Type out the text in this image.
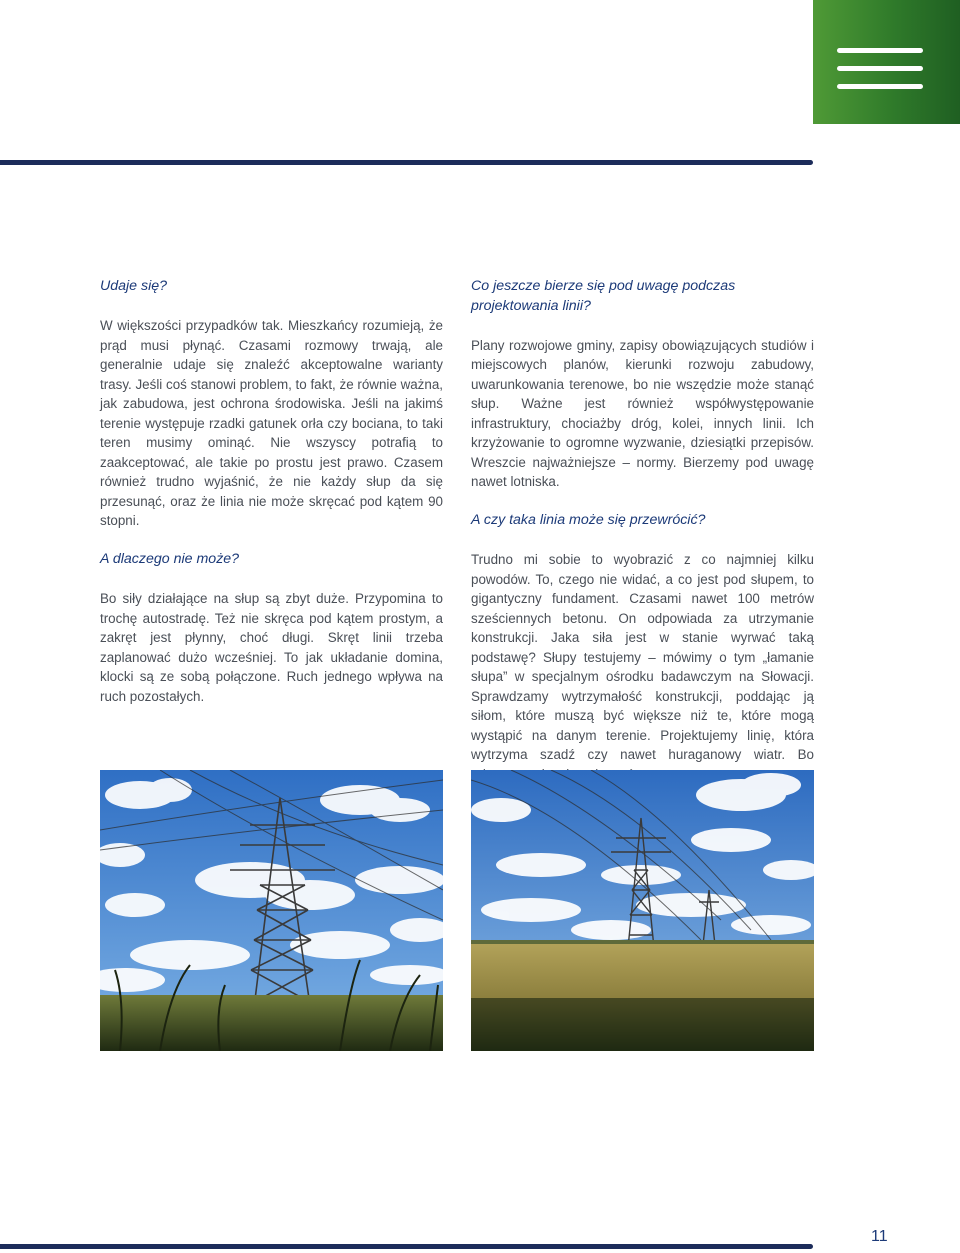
Udaje się?
W większości przypadków tak. Mieszkańcy rozumieją, że prąd musi płynąć. Czasami rozmowy trwają, ale generalnie udaje się znaleźć akceptowalne warianty trasy. Jeśli coś stanowi problem, to fakt, że równie ważna, jak zabudowa, jest ochrona środowiska. Jeśli na jakimś terenie występuje rzadki gatunek orła czy bociana, to taki teren musimy ominąć. Nie wszyscy potrafią to zaakceptować, ale takie po prostu jest prawo. Czasem również trudno wyjaśnić, że nie każdy słup da się przesunąć, oraz że linia nie może skręcać pod kątem 90 stopni.
A dlaczego nie może?
Bo siły działające na słup są zbyt duże. Przypomina to trochę autostradę. Też nie skręca pod kątem prostym, a zakręt jest płynny, choć długi. Skręt linii trzeba zaplanować dużo wcześniej. To jak układanie domina, klocki są ze sobą połączone. Ruch jednego wpływa na ruch pozostałych.
Co jeszcze bierze się pod uwagę podczas projektowania linii?
Plany rozwojowe gminy, zapisy obowiązujących studiów i miejscowych planów, kierunki rozwoju zabudowy, uwarunkowania terenowe, bo nie wszędzie może stanąć słup. Ważne jest również współwystępowanie infrastruktury, chociażby dróg, kolei, innych linii. Ich krzyżowanie to ogromne wyzwanie, dziesiątki przepisów. Wreszcie najważniejsze – normy. Bierzemy pod uwagę nawet lotniska.
A czy taka linia może się przewrócić?
Trudno mi sobie to wyobrazić z co najmniej kilku powodów. To, czego nie widać, a co jest pod słupem, to gigantyczny fundament. Czasami nawet 100 metrów sześciennych betonu. On odpowiada za utrzymanie konstrukcji. Jaka siła jest w stanie wyrwać taką podstawę? Słupy testujemy – mówimy o tym „łamanie słupa” w specjalnym ośrodku badawczym na Słowacji. Sprawdzamy wytrzymałość konstrukcji, poddając ją siłom, które muszą być większe niż te, które mogą wystąpić na danym terenie. Projektujemy linię, która wytrzyma szadź czy nawet huraganowy wiatr. Bo
11
